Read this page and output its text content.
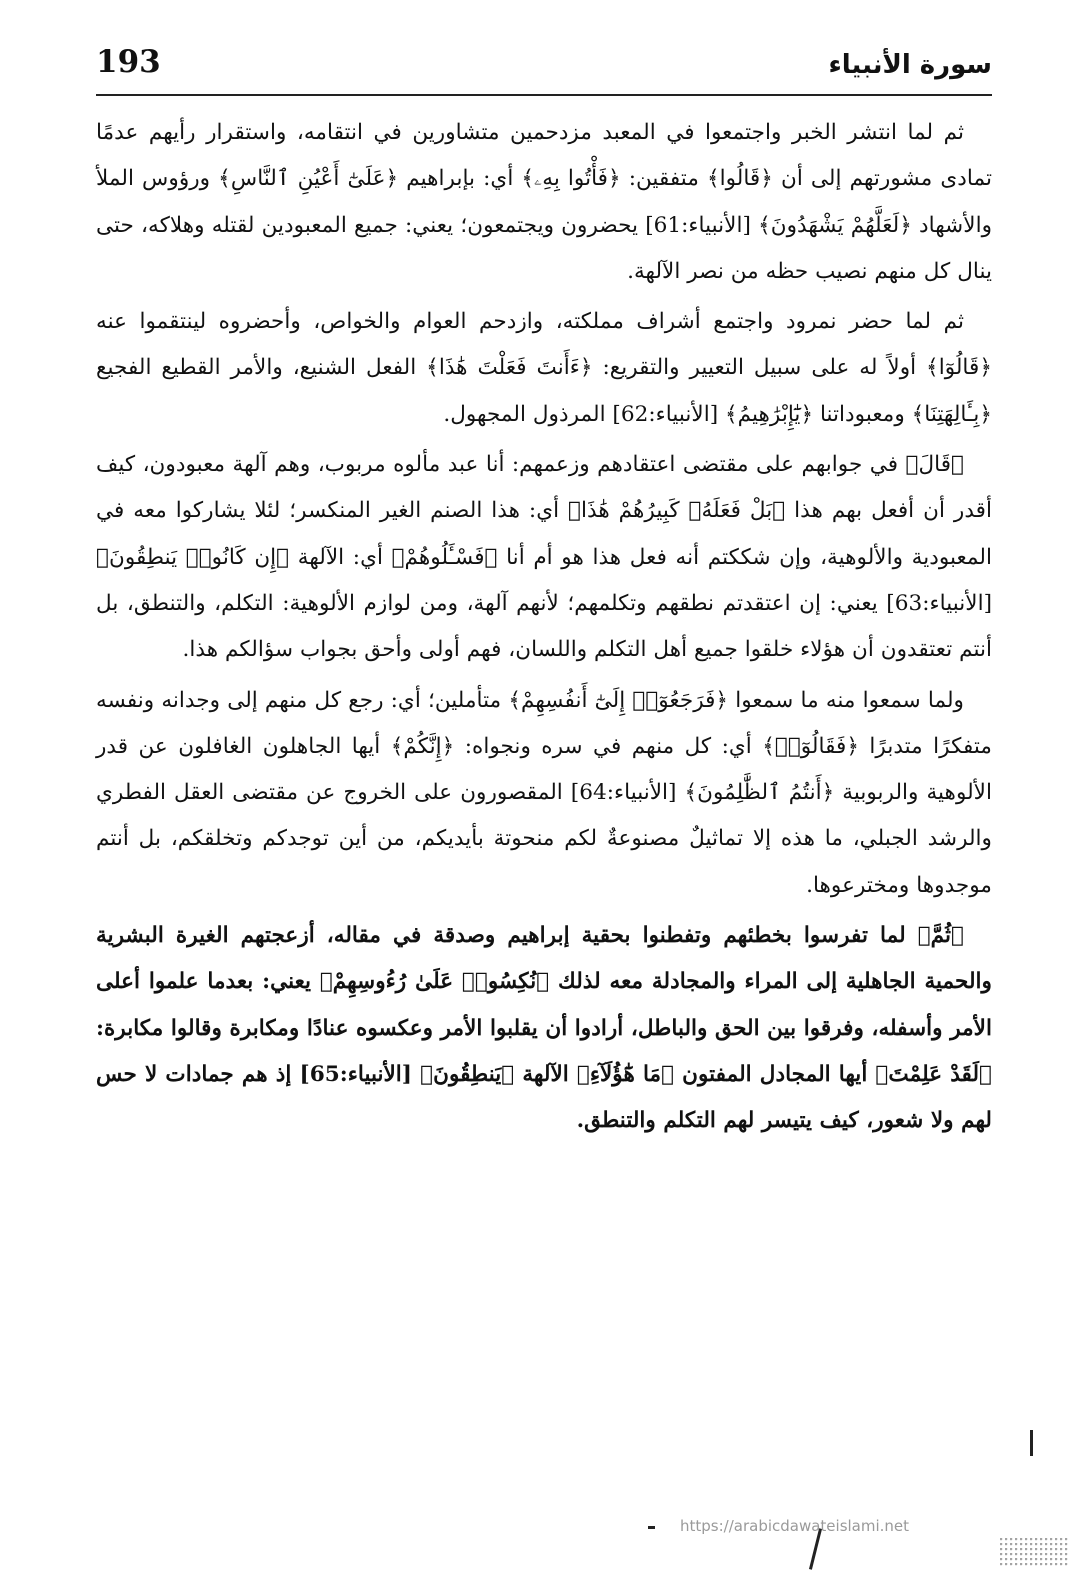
193	سورة الأنبياء

ثم لما انتشر الخبر واجتمعوا في المعبد مزدحمين متشاورين في انتقامه، واستقرار رأيهم عدمًا تمادى مشورتهم إلى أن ﴿قَالُوا﴾ متفقين: ﴿فَأْتُوا بِهِۦ﴾ أي: بإبراهيم ﴿عَلَىٰٓ أَعْيُنِ ٱلنَّاسِ﴾ ورؤوس الملأ والأشهاد ﴿لَعَلَّهُمْ يَشْهَدُونَ﴾ [الأنبياء:61] يحضرون ويجتمعون؛ يعني: جميع المعبودين لقتله وهلاكه، حتى ينال كل منهم نصيب حظه من نصر الآلهة.

ثم لما حضر نمرود واجتمع أشراف مملكته، وازدحم العوام والخواص، وأحضروه لينتقموا عنه ﴿قَالُوٓا﴾ أولاً له على سبيل التعيير والتقريع: ﴿ءَأَنتَ فَعَلْتَ هَٰذَا﴾ الفعل الشنيع، والأمر القطيع الفجيع ﴿بِـَٔالِهَتِنَا﴾ ومعبوداتنا ﴿يَٰٓإِبْرَٰهِيمُ﴾ [الأنبياء:62] المرذول المجهول.

﴿قَالَ﴾ في جوابهم على مقتضى اعتقادهم وزعمهم: أنا عبد مألوه مربوب، وهم آلهة معبودون، كيف أقدر أن أفعل بهم هذا ﴿بَلْ فَعَلَهُۥ كَبِيرُهُمْ هَٰذَا﴾ أي: هذا الصنم الغير المنكسر؛ لئلا يشاركوا معه في المعبودية والألوهية، وإن شككتم أنه فعل هذا هو أم أنا ﴿فَسْـَٔلُوهُمْ﴾ أي: الآلهة ﴿إِن كَانُوا۟ يَنطِقُونَ﴾ [الأنبياء:63] يعني: إن اعتقدتم نطقهم وتكلمهم؛ لأنهم آلهة، ومن لوازم الألوهية: التكلم، والتنطق، بل أنتم تعتقدون أن هؤلاء خلقوا جميع أهل التكلم واللسان، فهم أولى وأحق بجواب سؤالكم هذا.

ولما سمعوا منه ما سمعوا ﴿فَرَجَعُوٓا۟ إِلَىٰٓ أَنفُسِهِمْ﴾ متأملين؛ أي: رجع كل منهم إلى وجدانه ونفسه متفكرًا متدبرًا ﴿فَقَالُوٓا۟﴾ أي: كل منهم في سره ونجواه: ﴿إِنَّكُمْ﴾ أيها الجاهلون الغافلون عن قدر الألوهية والربوبية ﴿أَنتُمُ ٱلظَّٰلِمُونَ﴾ [الأنبياء:64] المقصورون على الخروج عن مقتضى العقل الفطري والرشد الجبلي، ما هذه إلا تماثيلٌ مصنوعةٌ لكم منحوتة بأيديكم، من أين توجدكم وتخلقكم، بل أنتم موجدوها ومخترعوها.

﴿ثُمَّ﴾ لما تفرسوا بخطئهم وتفطنوا بحقية إبراهيم وصدقة في مقاله، أزعجتهم الغيرة البشرية والحمية الجاهلية إلى المراء والمجادلة معه لذلك ﴿نُكِسُوا۟ عَلَىٰ رُءُوسِهِمْ﴾ يعني: بعدما علموا أعلى الأمر وأسفله، وفرقوا بين الحق والباطل، أرادوا أن يقلبوا الأمر وعكسوه عنادًا ومكابرة وقالوا مكابرة: ﴿لَقَدْ عَلِمْتَ﴾ أيها المجادل المفتون ﴿مَا هَٰٓؤُلَآءِ﴾ الآلهة ﴿يَنطِقُونَ﴾ [الأنبياء:65] إذ هم جمادات لا حس لهم ولا شعور، كيف يتيسر لهم التكلم والتنطق.

https://arabicdawateislami.net
